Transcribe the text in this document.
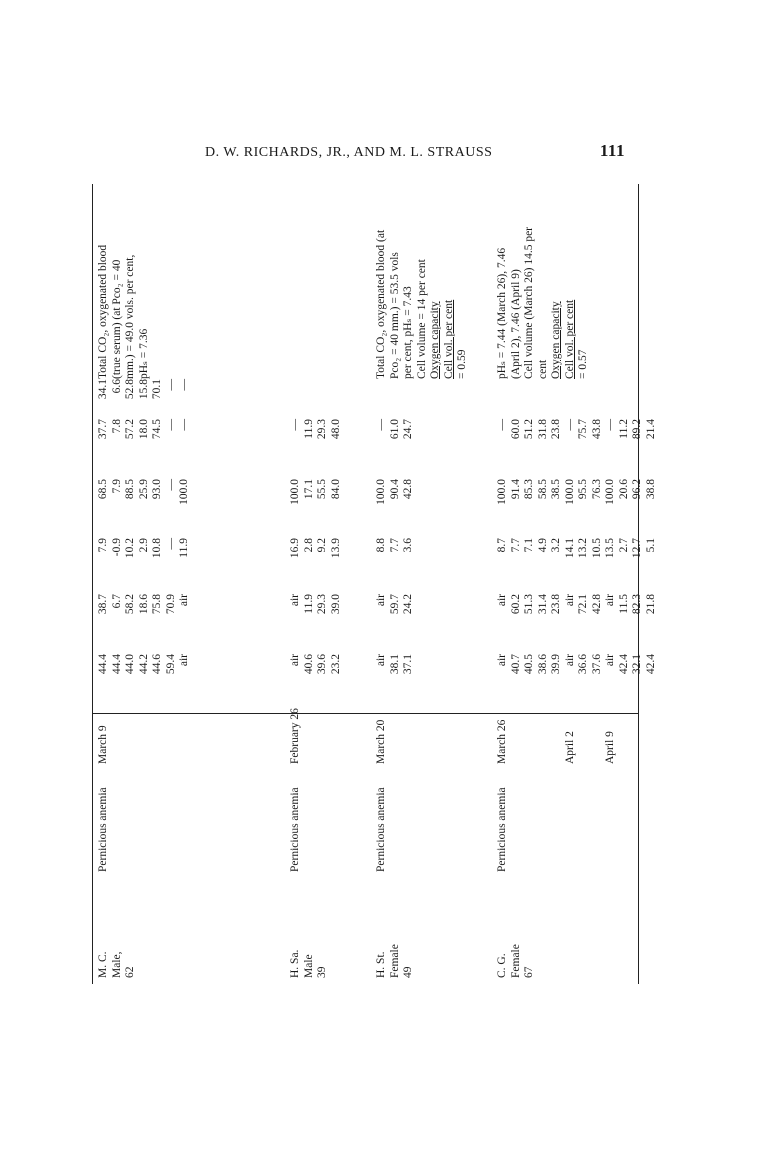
D. W. RICHARDS, JR., AND M. L. STRAUSS	111
M. C. Male, 62
Pernicious anemia
March 9
44.4 44.4 44.0 44.2 44.6 59.4 air
38.7 6.7 58.2 18.6 75.8 70.9 air
7.9 -0.9 10.2 2.9 10.8 — 11.9
68.5 7.9 88.5 25.9 93.0 — 100.0
37.7 7.8 57.2 18.0 74.5 — —
34.1 6.6 52.8 15.8 70.1 — —
Total CO₂, oxygenated blood (true serum) (at Pco₂ = 40 mm.) = 49.0 vols. per cent, pHₛ = 7.36
H. Sa. Male 39
Pernicious anemia
February 26
air 40.6 39.6 23.2
air 11.9 29.3 39.0
16.9 2.8 9.2 13.9
100.0 17.1 55.5 84.0
— 11.9 29.3 48.0
H. St. Female 49
Pernicious anemia
March 20
air 38.1 37.1
air 59.7 24.2
8.8 7.7 3.6
100.0 90.4 42.8
— 61.0 24.7
Total CO₂, oxygenated blood (at Pco₂ = 40 mm.) = 53.5 vols per cent, pHₛ = 7.43 Cell volume = 14 per cent Oxygen capacity Cell vol. per cent = 0.59
C. G. Female 67
Pernicious anemia
March 26	April 2 April 9
air 40.7 40.5 38.6 39.9 air 36.6 37.6 air 42.4 32.1 42.4
air 60.2 51.3 31.4 23.8 air 72.1 42.8 air 11.5 82.3 21.8
8.7 7.7 7.1 4.9 3.2 14.1 13.2 10.5 13.5 2.7 12.7 5.1
100.0 91.4 85.3 58.5 38.5 100.0 95.5 76.3 100.0 20.6 96.2 38.8
— 60.0 51.2 31.8 23.8 — 75.7 43.8 — 11.2 89.2 21.4
pHₛ = 7.44 (March 26), 7.46 (April 2), 7.46 (April 9) Cell volume (March 26) 14.5 per cent Oxygen capacity Cell vol. per cent = 0.57
